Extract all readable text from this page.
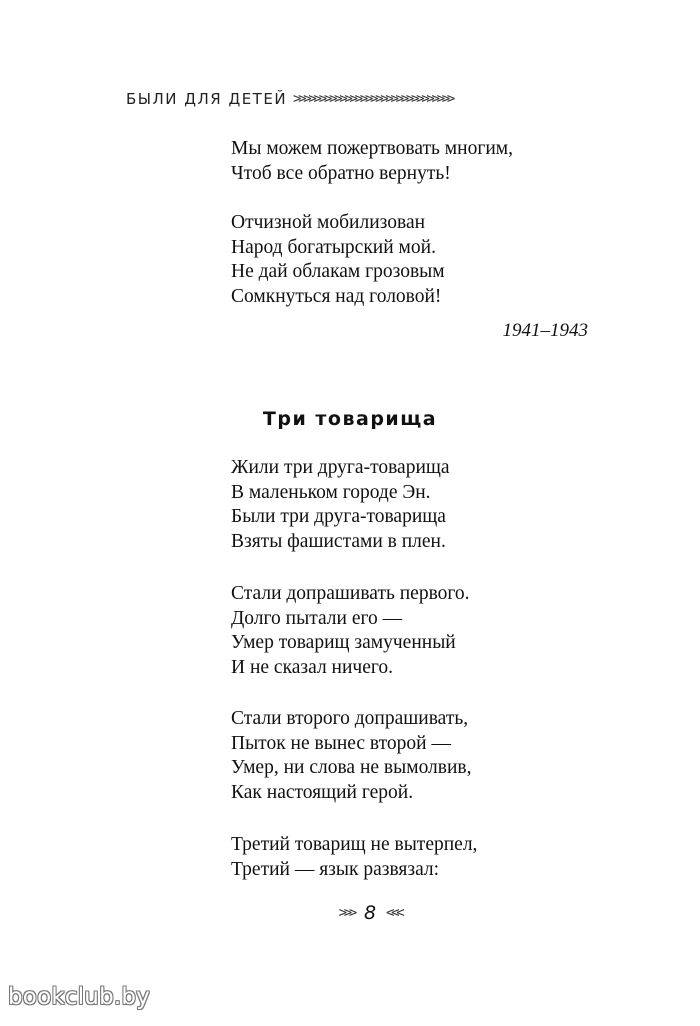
БЫЛИ ДЛЯ ДЕТЕЙ >>>>>>>>>>>>>>>>>>>>>>>>>>>>>>>

Мы можем пожертвовать многим,

Чтоб все обратно вернуть!

Отчизной мобилизован

Народ богатырский мой.

Не дай облакам грозовым

Сомкнуться над головой!

1941–1943
Три товарища

Жили три друга-товарища

В маленьком городе Эн.

Были три друга-товарища

Взяты фашистами в плен.

Стали допрашивать первого.

Долго пытали его —

Умер товарищ замученный

И не сказал ничего.

Стали второго допрашивать,

Пыток не вынес второй —

Умер, ни слова не вымолвив,

Как настоящий герой.

Третий товарищ не вытерпел,

Третий — язык развязал:

>>> 8 <<<
bookclub.by
